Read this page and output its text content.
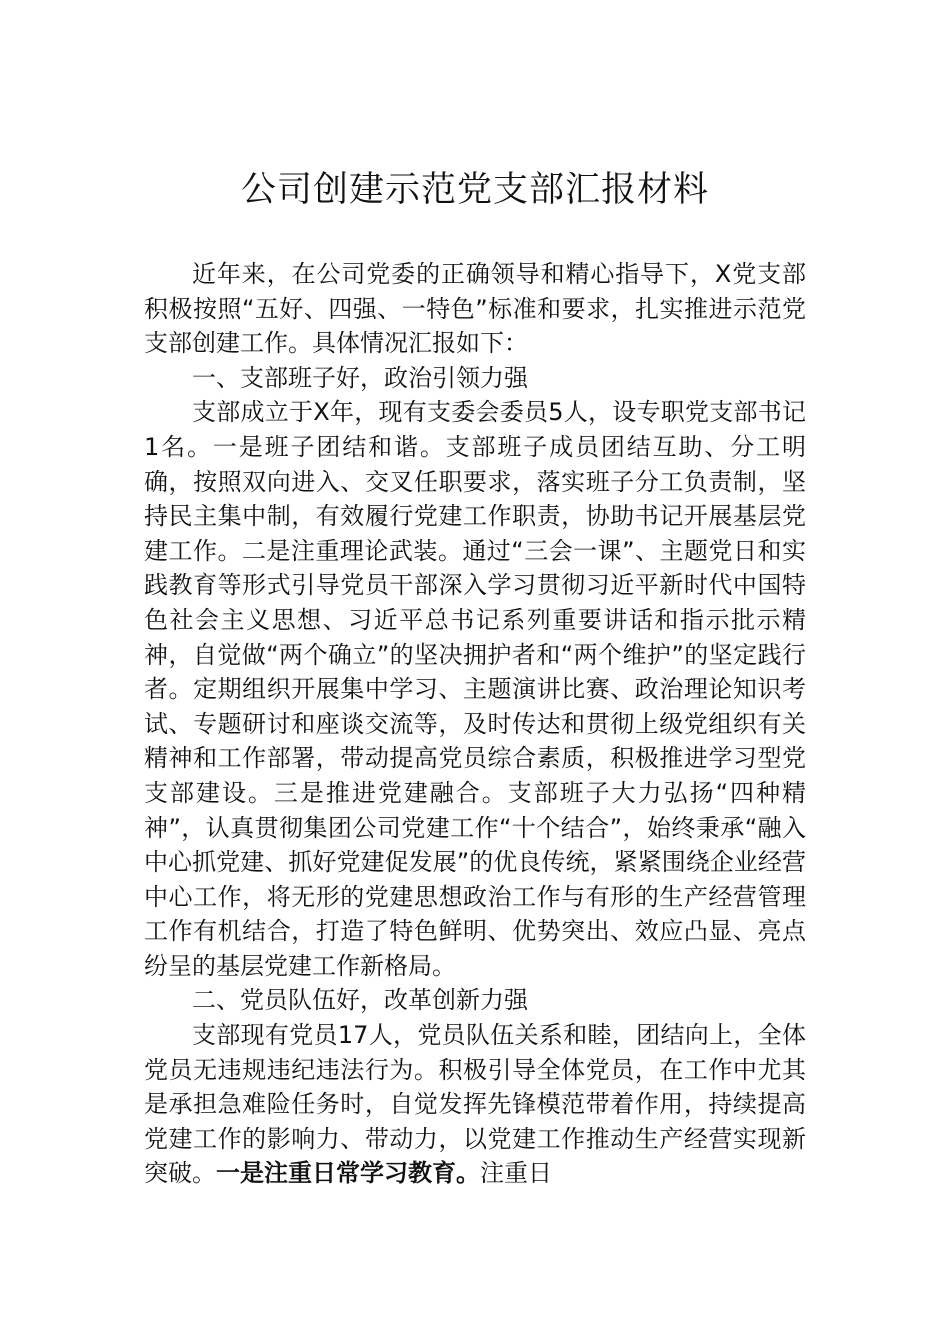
公司创建示范党支部汇报材料

近年来，在公司党委的正确领导和精心指导下，X党支部积极按照“五好、四强、一特色”标准和要求，扎实推进示范党支部创建工作。具体情况汇报如下：

一、支部班子好，政治引领力强

支部成立于X年，现有支委会委员5人，设专职党支部书记1名。一是班子团结和谐。支部班子成员团结互助、分工明确，按照双向进入、交叉任职要求，落实班子分工负责制，坚持民主集中制，有效履行党建工作职责，协助书记开展基层党建工作。二是注重理论武装。通过“三会一课”、主题党日和实践教育等形式引导党员干部深入学习贯彻习近平新时代中国特色社会主义思想、习近平总书记系列重要讲话和指示批示精神，自觉做“两个确立”的坚决拥护者和“两个维护”的坚定践行者。定期组织开展集中学习、主题演讲比赛、政治理论知识考试、专题研讨和座谈交流等，及时传达和贯彻上级党组织有关精神和工作部署，带动提高党员综合素质，积极推进学习型党支部建设。三是推进党建融合。支部班子大力弘扬“四种精神”，认真贯彻集团公司党建工作“十个结合”，始终秉承“融入中心抓党建、抓好党建促发展”的优良传统，紧紧围绕企业经营中心工作，将无形的党建思想政治工作与有形的生产经营管理工作有机结合，打造了特色鲜明、优势突出、效应凸显、亮点纷呈的基层党建工作新格局。

二、党员队伍好，改革创新力强

支部现有党员17人，党员队伍关系和睦，团结向上，全体党员无违规违纪违法行为。积极引导全体党员，在工作中尤其是承担急难险任务时，自觉发挥先锋模范带着作用，持续提高党建工作的影响力、带动力，以党建工作推动生产经营实现新突破。一是注重日常学习教育。注重日
